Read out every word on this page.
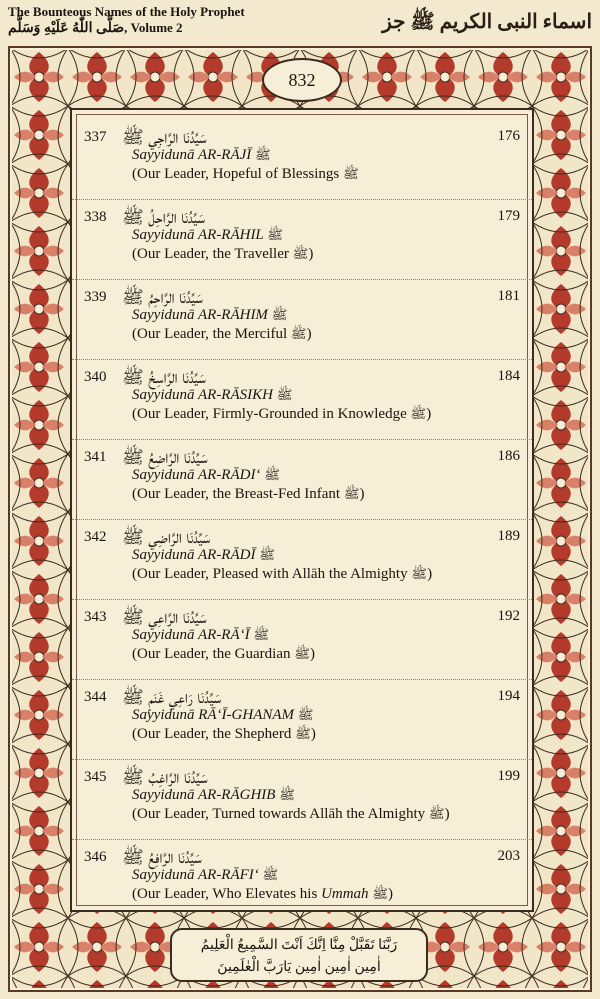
The Bounteous Names of the Holy Prophet
صَلَّى اللّٰهُ عَلَيْهِ وَسَلَّم, Volume 2	اسماء النبی الکریم ﷺ جز
832
337 سَيِّدُنَا الرَّاجِي ﷺ	176
Sayyidunā AR-RĀJĪ ﷺ
(Our Leader, Hopeful of Blessings ﷺ
338 سَيِّدُنَا الرَّاحِلُ ﷺ	179
Sayyidunā AR-RĀHIL ﷺ
(Our Leader, the Traveller ﷺ)
339 سَيِّدُنَا الرَّاحِمُ ﷺ	181
Sayyidunā AR-RĀHIM ﷺ
(Our Leader, the Merciful ﷺ)
340 سَيِّدُنَا الرَّاسِخُ ﷺ	184
Sayyidunā AR-RĀSIKH ﷺ
(Our Leader, Firmly-Grounded in Knowledge ﷺ)
341 سَيِّدُنَا الرَّاضِعُ ﷺ	186
Sayyidunā AR-RĀDI‘ ﷺ
(Our Leader, the Breast-Fed Infant ﷺ)
342 سَيِّدُنَا الرَّاضِي ﷺ	189
Sayyidunā AR-RĀDĪ ﷺ
(Our Leader, Pleased with Allāh the Almighty ﷺ)
343 سَيِّدُنَا الرَّاعِي ﷺ	192
Sayyidunā AR-RĀ‘Ī ﷺ
(Our Leader, the Guardian ﷺ)
344 سَيِّدُنَا رَاعِي غَنَمٍ ﷺ	194
Sayyidunā RĀ‘Ī-GHANAM ﷺ
(Our Leader, the Shepherd ﷺ)
345 سَيِّدُنَا الرَّاغِبُ ﷺ	199
Sayyidunā AR-RĀGHIB ﷺ
(Our Leader, Turned towards Allāh the Almighty ﷺ)
346 سَيِّدُنَا الرَّافِعُ ﷺ	203
Sayyidunā AR-RĀFI‘ ﷺ
(Our Leader, Who Elevates his Ummah ﷺ)
رَبَّنَا تَقَبَّلْ مِنَّا اِنَّكَ اَنْتَ السَّمِيعُ الْعَلِيمُ
اٰمِين اٰمِين اٰمِين يَارَبَّ الْعٰلَمِينَ
